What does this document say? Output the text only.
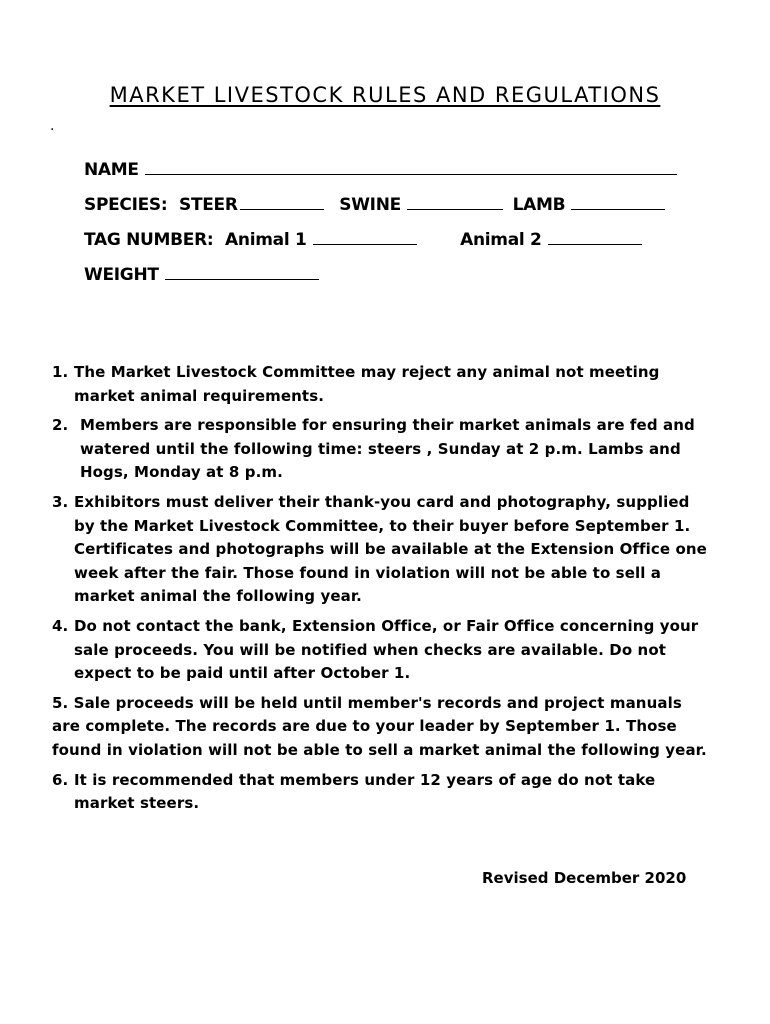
MARKET LIVESTOCK RULES AND REGULATIONS
.
NAME
SPECIES: STEER	SWINE	LAMB
TAG NUMBER: Animal 1	Animal 2
WEIGHT
1. The Market Livestock Committee may reject any animal not meeting market animal requirements.
2. Members are responsible for ensuring their market animals are fed and watered until the following time: steers , Sunday at 2 p.m. Lambs and Hogs, Monday at 8 p.m.
3. Exhibitors must deliver their thank-you card and photography, supplied by the Market Livestock Committee, to their buyer before September 1. Certificates and photographs will be available at the Extension Office one week after the fair. Those found in violation will not be able to sell a market animal the following year.
4. Do not contact the bank, Extension Office, or Fair Office concerning your sale proceeds. You will be notified when checks are available. Do not expect to be paid until after October 1.
5. Sale proceeds will be held until member's records and project manuals are complete. The records are due to your leader by September 1. Those found in violation will not be able to sell a market animal the following year.
6. It is recommended that members under 12 years of age do not take market steers.
Revised December 2020
